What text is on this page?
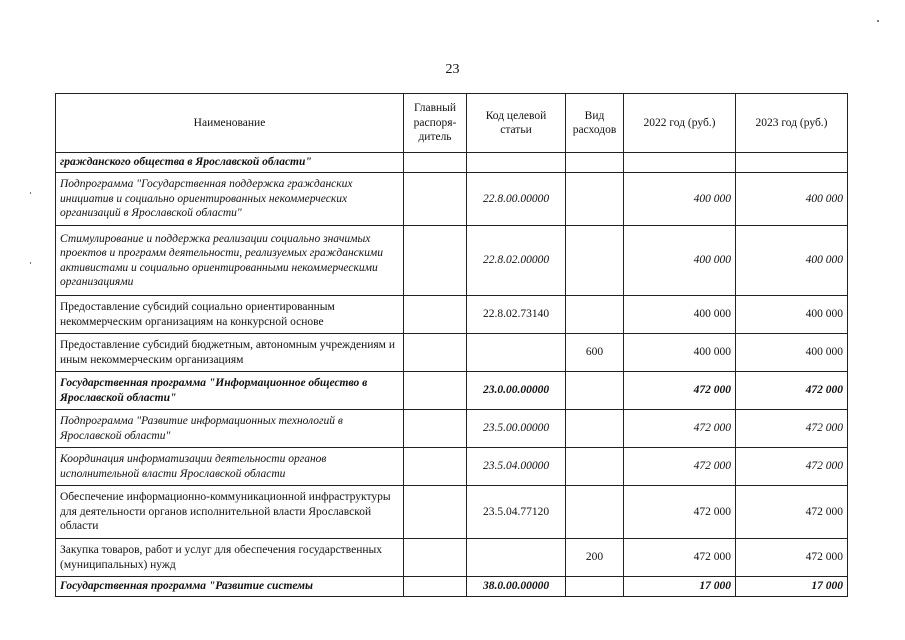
23
Наименование	Главный распоря-дитель	Код целевой статьи	Вид расходов	2022 год (руб.)	2023 год (руб.)
гражданского общества в Ярославской области"					
Подпрограмма "Государственная поддержка гражданских инициатив и социально ориентированных некоммерческих организаций в Ярославской области"		22.8.00.00000		400 000	400 000
Стимулирование и поддержка реализации социально значимых проектов и программ деятельности, реализуемых гражданскими активистами и социально ориентированными некоммерческими организациями		22.8.02.00000		400 000	400 000
Предоставление субсидий социально ориентированным некоммерческим организациям на конкурсной основе		22.8.02.73140		400 000	400 000
Предоставление субсидий бюджетным, автономным учреждениям и иным некоммерческим организациям			600	400 000	400 000
Государственная программа "Информационное общество в Ярославской области"		23.0.00.00000		472 000	472 000
Подпрограмма "Развитие информационных технологий в Ярославской области"		23.5.00.00000		472 000	472 000
Координация информатизации деятельности органов исполнительной власти Ярославской области		23.5.04.00000		472 000	472 000
Обеспечение информационно-коммуникационной инфраструктуры для деятельности органов исполнительной власти Ярославской области		23.5.04.77120		472 000	472 000
Закупка товаров, работ и услуг для обеспечения государственных (муниципальных) нужд			200	472 000	472 000
Государственная программа "Развитие системы		38.0.00.00000		17 000	17 000
